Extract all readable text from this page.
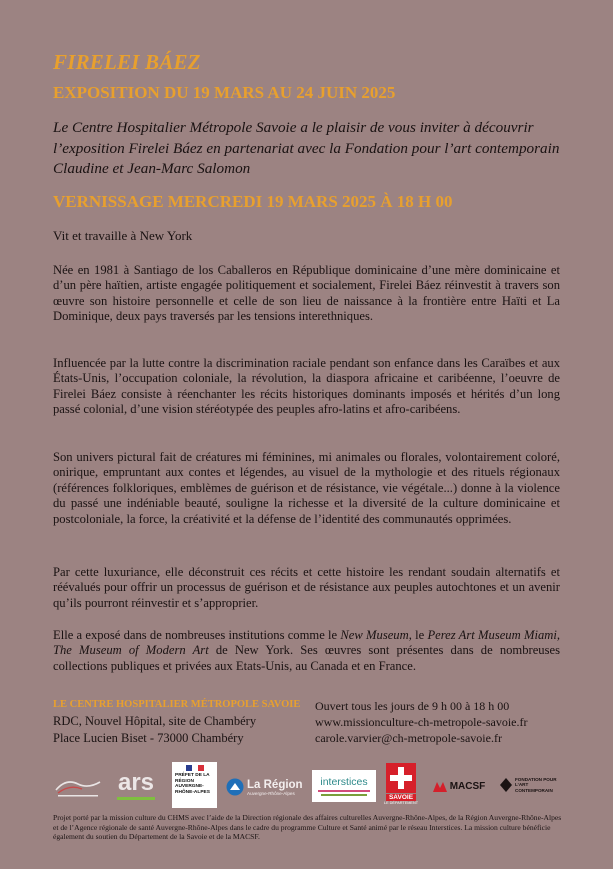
FIRELEI BÁEZ
EXPOSITION DU 19 MARS AU 24 JUIN 2025
Le Centre Hospitalier Métropole Savoie a le plaisir de vous inviter à découvrir l’exposition Firelei Báez en partenariat avec la Fondation pour l’art contemporain Claudine et Jean-Marc Salomon
VERNISSAGE MERCREDI 19 MARS 2025 À 18 H 00
Vit et travaille à New York
Née en 1981 à Santiago de los Caballeros en République dominicaine d’une mère dominicaine et d’un père haïtien, artiste engagée politiquement et socialement, Firelei Báez réinvestit à travers son œuvre son histoire personnelle et celle de son lieu de naissance à la frontière entre Haïti et La Dominique, deux pays traversés par les tensions interethniques.
Influencée par la lutte contre la discrimination raciale pendant son enfance dans les Caraïbes et aux États-Unis, l’occupation coloniale, la révolution, la diaspora africaine et caribéenne, l’oeuvre de Firelei Báez consiste à réenchanter les récits historiques dominants imposés et hérités d’un long passé colonial, d’une vision stéréotypée des peuples afro-latins et afro-caribéens.
Son univers pictural fait de créatures mi féminines, mi animales ou florales, volontairement coloré, onirique, empruntant aux contes et légendes, au visuel de la mythologie et des rituels régionaux (références folkloriques, emblèmes de guérison et de résistance, vie végétale...) donne à la violence du passé une indéniable beauté, souligne la richesse et la diversité de la culture dominicaine et postcoloniale, la force, la créativité et la défense de l’identité des communautés opprimées.
Par cette luxuriance, elle déconstruit ces récits et cette histoire les rendant soudain alternatifs et réévalués pour offrir un processus de guérison et de résistance aux peuples autochtones et un avenir qu’ils pourront réinvestir et s’approprier.
Elle a exposé dans de nombreuses institutions comme le New Museum, le Perez Art Museum Miami, The Museum of Modern Art de New York. Ses œuvres sont présentes dans de nombreuses collections publiques et privées aux Etats-Unis, au Canada et en France.
LE CENTRE HOSPITALIER MÉTROPOLE SAVOIE
RDC, Nouvel Hôpital, site de Chambéry
Place Lucien Biset - 73000 Chambéry
Ouvert tous les jours de 9 h 00 à 18 h 00
www.missionculture-ch-metropole-savoie.fr
carole.varvier@ch-metropole-savoie.fr
ars	PRÉFET DE LA RÉGION AUVERGNE-RHÔNE-ALPES
La Région
Auvergne-Rhône-Alpes
interstices
SAVOIE
LE DÉPARTEMENT
MACSF
FONDATION POUR L’ART CONTEMPORAIN
Projet porté par la mission culture du CHMS avec l’aide de la Direction régionale des affaires culturelles Auvergne-Rhône-Alpes, de la Région Auvergne-Rhône-Alpes et de l’Agence régionale de santé Auvergne-Rhône-Alpes dans le cadre du programme Culture et Santé animé par le réseau Interstices. La mission culture bénéficie également du soutien du Département de la Savoie et de la MACSF.
